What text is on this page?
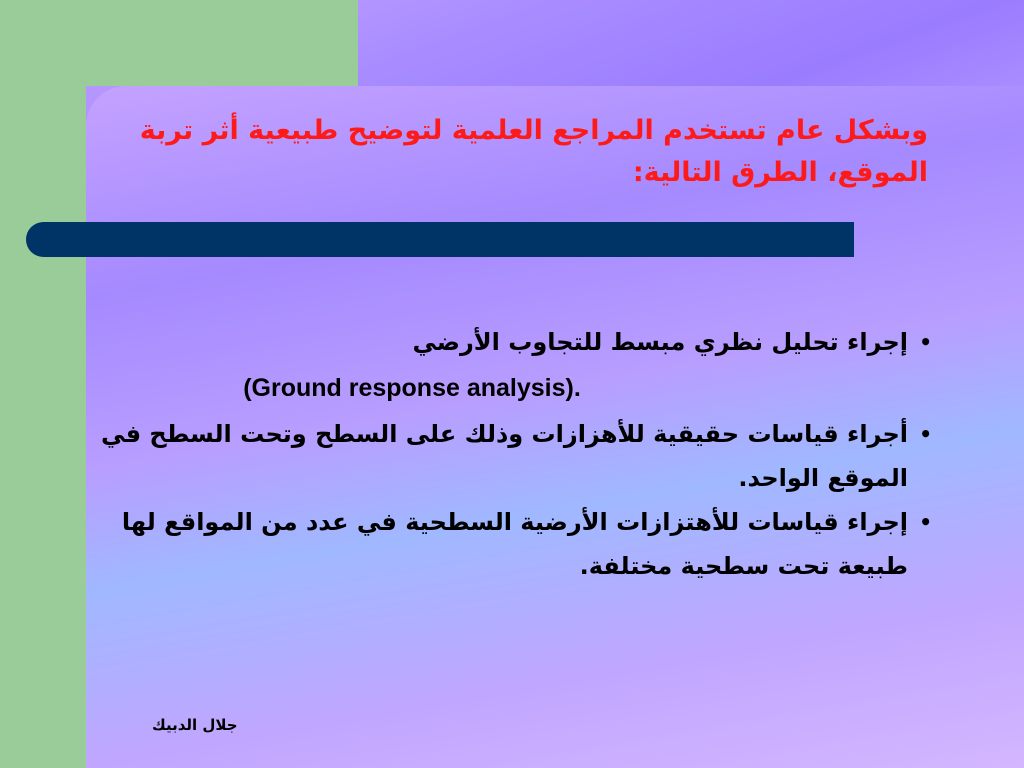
وبشكل عام تستخدم المراجع العلمية لتوضيح طبيعية أثر تربة الموقع، الطرق التالية:
•
إجراء تحليل نظري مبسط للتجاوب الأرضي
(Ground response analysis).
•
أجراء قياسات حقيقية للأهزازات وذلك على السطح وتحت السطح في الموقع الواحد.
•
إجراء قياسات للأهتزازات الأرضية السطحية في عدد من المواقع لها طبيعة تحت سطحية مختلفة.
جلال الدبيك
